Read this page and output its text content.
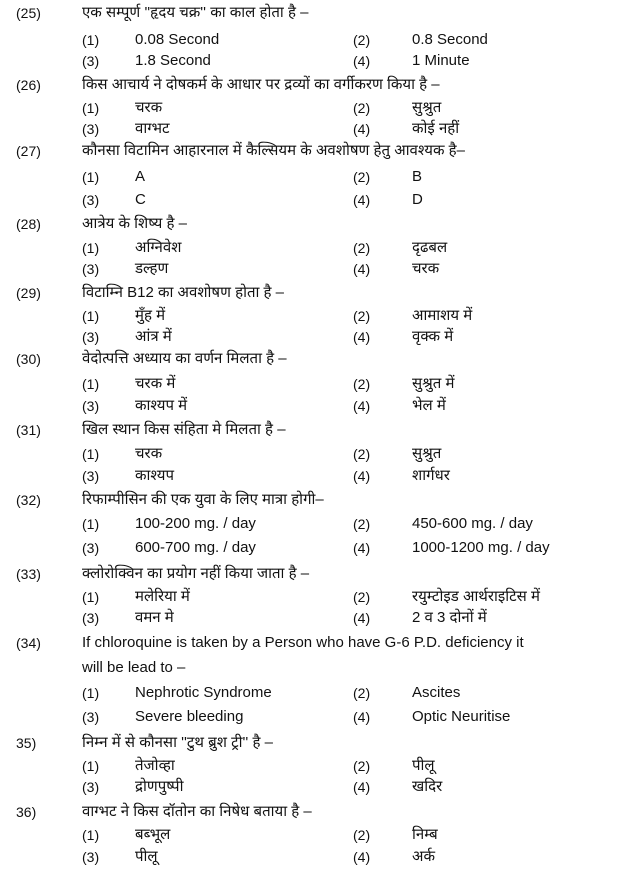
(25)	एक सम्पूर्ण ''हृदय चक्र'' का काल होता है –
(1) 0.08 Second	(2)	0.8 Second
(3) 1.8 Second	(4)	1 Minute
(26)	किस आचार्य ने दोषकर्म के आधार पर द्रव्यों का वर्गीकरण किया है –
(1) चरक	(2)	सुश्रुत
(3) वाग्भट	(4)	कोई नहीं
(27)	कौनसा विटामिन आहारनाल में कैल्सियम के अवशोषण हेतु आवश्यक है–
(1) A	(2)	B
(3) C	(4)	D
(28)	आत्रेय के शिष्य है –
(1) अग्निवेश	(2)	दृढबल
(3) डल्हण	(4)	चरक
(29)	विटाम्नि B12 का अवशोषण होता है –
(1) मुँह में	(2)	आमाशय में
(3) आंत्र में	(4)	वृक्क में
(30)	वेदोत्पत्ति अध्याय का वर्णन मिलता है –
(1) चरक में	(2)	सुश्रुत में
(3) काश्यप में	(4)	भेल में
(31)	खिल स्थान किस संहिता मे मिलता है –
(1) चरक	(2)	सुश्रुत
(3) काश्यप	(4)	शार्गधर
(32)	रिफाम्पीसिन की एक युवा के लिए मात्रा होगी–
(1) 100-200 mg. / day	(2)	450-600 mg. / day
(3) 600-700 mg. / day	(4)	1000-1200 mg. / day
(33)	क्लोरोक्विन का प्रयोग नहीं किया जाता है –
(1) मलेरिया में	(2)	रयुम्टोइड आर्थराइटिस में
(3) वमन मे	(4)	2 व 3 दोनों में
(34)	If chloroquine is taken by a Person who have G-6 P.D. deficiency it
will be lead to –
(1) Nephrotic Syndrome	(2)	Ascites
(3) Severe bleeding	(4)	Optic Neuritise
35)	निम्न में से कौनसा ''टुथ ब्रुश ट्री'' है –
(1) तेजोव्हा	(2)	पीलू
(3) द्रोणपुष्पी	(4)	खदिर
36)	वाग्भट ने किस दॉतोन का निषेध बताया है –
(1) बब्भूल	(2)	निम्ब
(3) पीलू	(4)	अर्क
